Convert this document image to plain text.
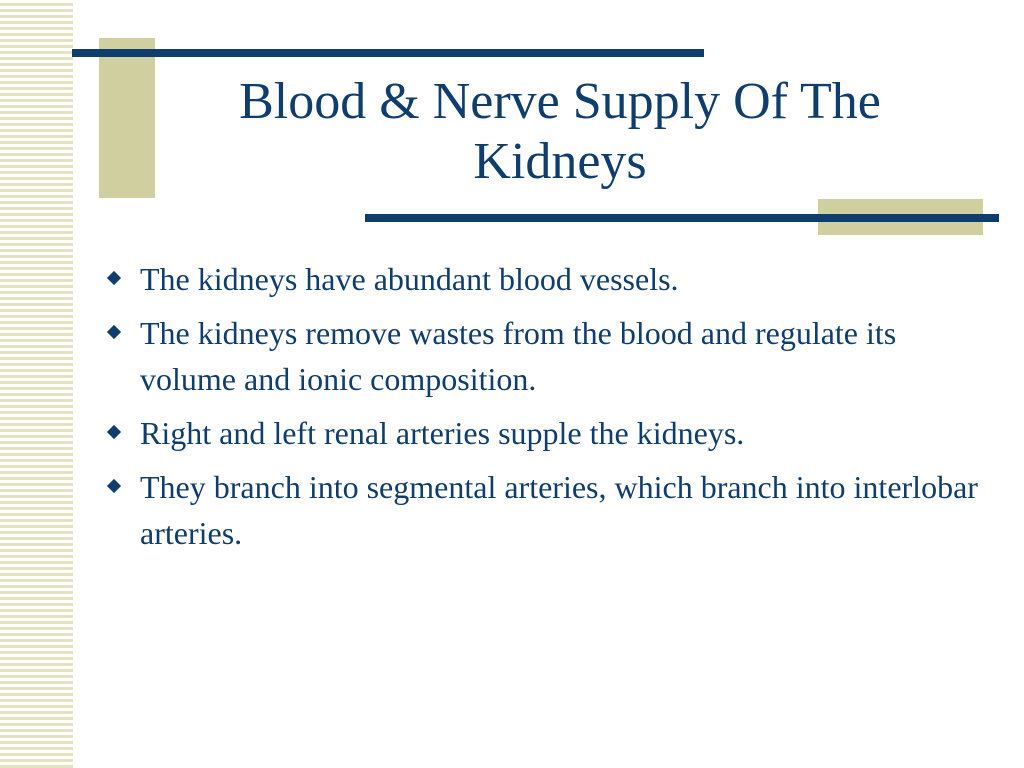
Blood & Nerve Supply Of The
Kidneys
The kidneys have abundant blood vessels.
The kidneys remove wastes from the blood and regulate its volume and ionic composition.
Right and left renal arteries supple the kidneys.
They branch into segmental arteries, which branch into interlobar arteries.
